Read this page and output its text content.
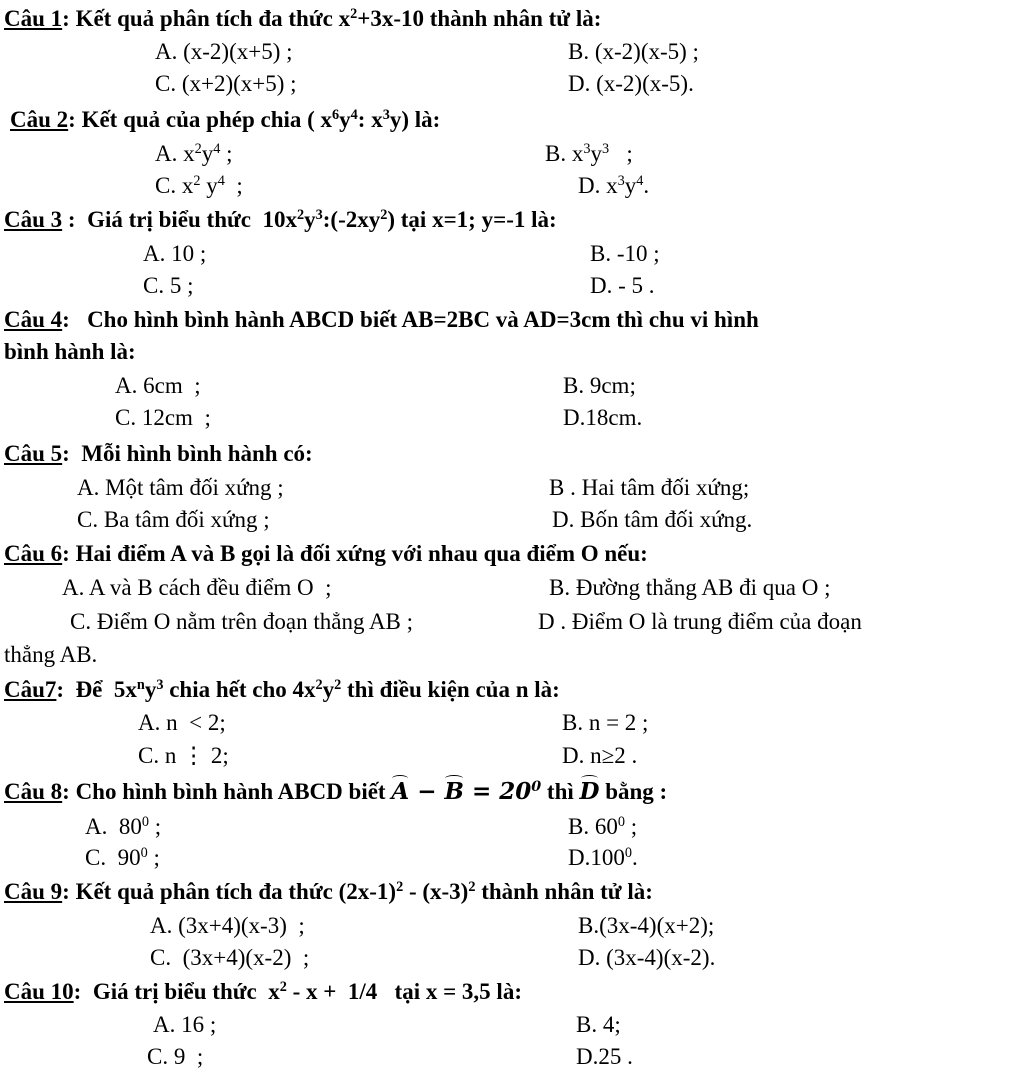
Câu 1: Kết quả phân tích đa thức $x^2+3x-10$ thành nhân tử là:
A. (x-2)(x+5) ;	B. (x-2)(x-5) ;
C. (x+2)(x+5) ;	D. (x-2)(x-5).
Câu 2: Kết quả của phép chia ( $x^6y^4$: $x^3y$) là:
A. $x^2y^4$ ;	B. $x^3y^3$   ;
C. $x^2$ $y^4$  ;	D. $x^3y^4$.
Câu 3 :  Giá trị biểu thức  $10x^2y^3:(-2xy^2)$ tại x=1; y=-1 là:
A. 10 ;	B. -10 ;
C. 5 ;	D. - 5 .
Câu 4:   Cho hình bình hành ABCD biết AB=2BC và AD=3cm thì chu vi hình
bình hành là:
A. 6cm  ;	B. 9cm;
C. 12cm  ;	D.18cm.
Câu 5:  Mỗi hình bình hành có:
A. Một tâm đối xứng ;	B . Hai tâm đối xứng;
C. Ba tâm đối xứng ;	D. Bốn tâm đối xứng.
Câu 6: Hai điểm A và B gọi là đối xứng với nhau qua điểm O nếu:
A. A và B cách đều điểm O  ;	B. Đường thẳng AB đi qua O ;
C. Điểm O nằm trên đoạn thẳng AB ;	D . Điểm O là trung điểm của đoạn
thẳng AB.
Câu7:  Để  $5x^ny^3$ chia hết cho $4x^2y^2$ thì điều kiện của n là:
A. n  < 2;	B. n = 2 ;
C. n ⋮ 2;	D. n≥2 .
Câu 8: Cho hình bình hành ABCD biết $A - B = 20^0$ thì D bằng :
A.  $80^0$ ;	B. $60^0$ ;
C.  $90^0$ ;	D.100$^0$.
Câu 9: Kết quả phân tích đa thức $(2x-1)^2 - (x-3)^2$ thành nhân tử là:
A. (3x+4)(x-3)  ;	B.(3x-4)(x+2);
C.  (3x+4)(x-2)  ;	D. (3x-4)(x-2).
Câu 10:  Giá trị biểu thức  $x^2 - x + 1/4$   tại x = 3,5 là:
A. 16 ;	B. 4;
C. 9  ;	D.25 .
